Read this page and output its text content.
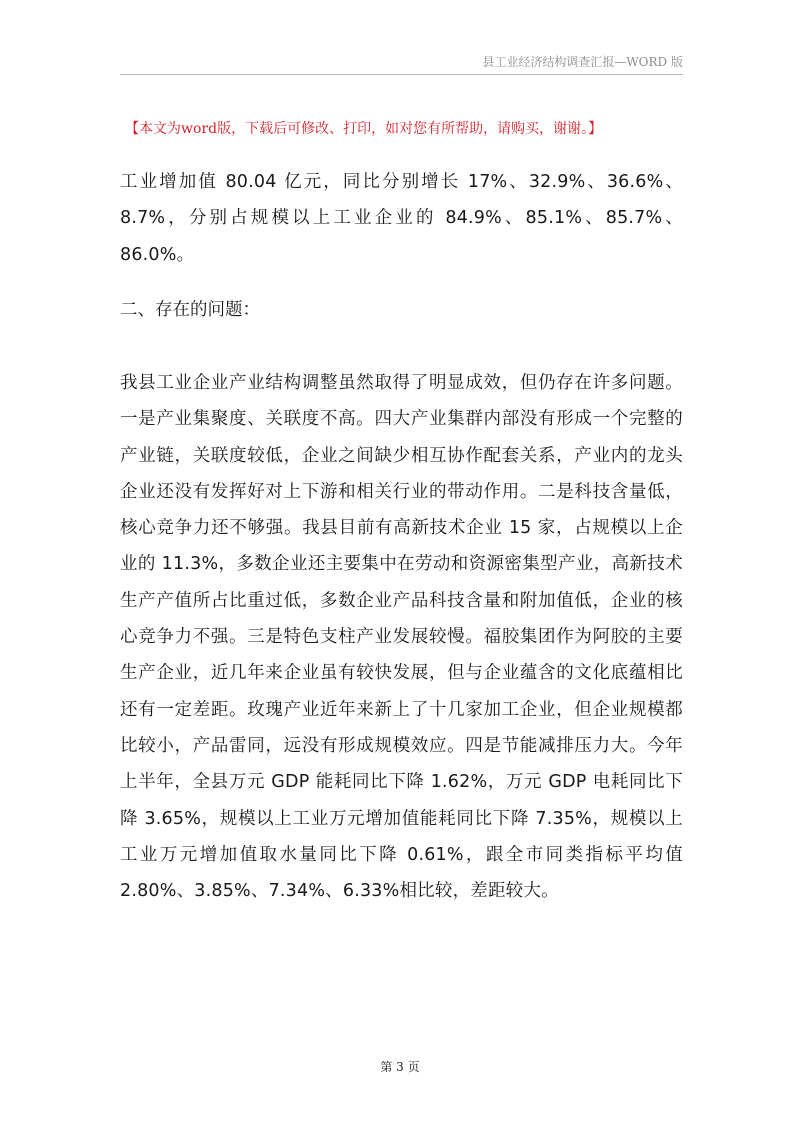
县工业经济结构调查汇报—WORD 版
【本文为word版，下载后可修改、打印，如对您有所帮助，请购买，谢谢。】

工业增加值 80.04 亿元，同比分别增长 17%、32.9%、36.6%、8.7%，分别占规模以上工业企业的 84.9%、85.1%、85.7%、86.0%。

二、存在的问题：

我县工业企业产业结构调整虽然取得了明显成效，但仍存在许多问题。一是产业集聚度、关联度不高。四大产业集群内部没有形成一个完整的产业链，关联度较低，企业之间缺少相互协作配套关系，产业内的龙头企业还没有发挥好对上下游和相关行业的带动作用。二是科技含量低，核心竞争力还不够强。我县目前有高新技术企业 15 家，占规模以上企业的 11.3%，多数企业还主要集中在劳动和资源密集型产业，高新技术生产产值所占比重过低，多数企业产品科技含量和附加值低，企业的核心竞争力不强。三是特色支柱产业发展较慢。福胶集团作为阿胶的主要生产企业，近几年来企业虽有较快发展，但与企业蕴含的文化底蕴相比还有一定差距。玫瑰产业近年来新上了十几家加工企业，但企业规模都比较小，产品雷同，远没有形成规模效应。四是节能减排压力大。今年上半年，全县万元 GDP 能耗同比下降 1.62%，万元 GDP 电耗同比下降 3.65%，规模以上工业万元增加值能耗同比下降 7.35%，规模以上工业万元增加值取水量同比下降 0.61%，跟全市同类指标平均值 2.80%、3.85%、7.34%、6.33%相比较，差距较大。

第 3 页
